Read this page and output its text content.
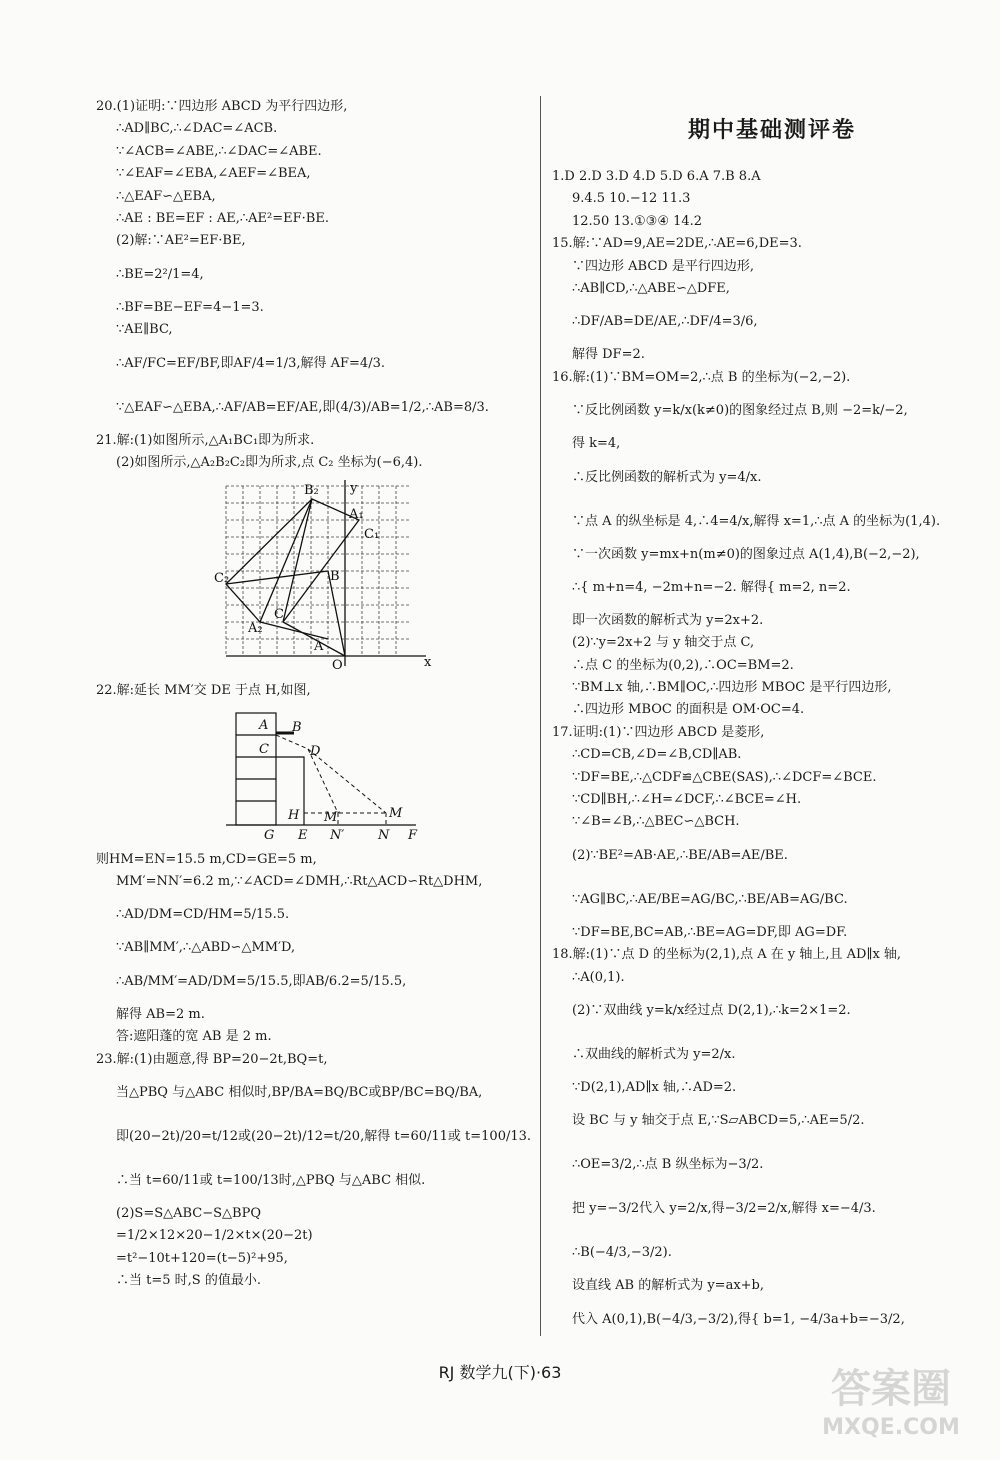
20.(1)证明:∵四边形 ABCD 为平行四边形,
∴AD∥BC,∴∠DAC=∠ACB.
∵∠ACB=∠ABE,∴∠DAC=∠ABE.
∵∠EAF=∠EBA,∠AEF=∠BEA,
∴△EAF∽△EBA,
∴AE : BE=EF : AE,∴AE²=EF·BE.
(2)解:∵AE²=EF·BE,
∴BE=2²/1=4,
∴BF=BE−EF=4−1=3.
∵AE∥BC,
∴AF/FC=EF/BF,即AF/4=1/3,解得 AF=4/3.
∵△EAF∽△EBA,∴AF/AB=EF/AE,即(4/3)/AB=1/2,∴AB=8/3.
21.解:(1)如图所示,△A₁BC₁即为所求.
(2)如图所示,△A₂B₂C₂即为所求,点 C₂ 坐标为(−6,4).
y
x
O
B₂
A₁
C₁
C₂	B
C
A₂
A
22.解:延长 MM′交 DE 于点 H,如图,
A B
C	D
H M′	M
G E N′	N F
则HM=EN=15.5 m,CD=GE=5 m,
MM′=NN′=6.2 m,∵∠ACD=∠DMH,∴Rt△ACD∽Rt△DHM,
∴AD/DM=CD/HM=5/15.5.
∵AB∥MM′,∴△ABD∽△MM′D,
∴AB/MM′=AD/DM=5/15.5,即AB/6.2=5/15.5,
解得 AB=2 m.
答:遮阳蓬的宽 AB 是 2 m.
23.解:(1)由题意,得 BP=20−2t,BQ=t,
当△PBQ 与△ABC 相似时,BP/BA=BQ/BC或BP/BC=BQ/BA,
即(20−2t)/20=t/12或(20−2t)/12=t/20,解得 t=60/11或 t=100/13.
∴当 t=60/11或 t=100/13时,△PBQ 与△ABC 相似.
(2)S=S△ABC−S△BPQ
=1/2×12×20−1/2×t×(20−2t)
=t²−10t+120=(t−5)²+95,
∴当 t=5 时,S 的值最小.
期中基础测评卷
1.D 2.D 3.D 4.D 5.D 6.A 7.B 8.A
9.4.5 10.−12 11.3
12.50 13.①③④ 14.2
15.解:∵AD=9,AE=2DE,∴AE=6,DE=3.
∵四边形 ABCD 是平行四边形,
∴AB∥CD,∴△ABE∽△DFE,
∴DF/AB=DE/AE,∴DF/4=3/6,
解得 DF=2.
16.解:(1)∵BM=OM=2,∴点 B 的坐标为(−2,−2).
∵反比例函数 y=k/x(k≠0)的图象经过点 B,则 −2=k/−2,
得 k=4,
∴反比例函数的解析式为 y=4/x.
∵点 A 的纵坐标是 4,∴4=4/x,解得 x=1,∴点 A 的坐标为(1,4).
∵一次函数 y=mx+n(m≠0)的图象过点 A(1,4),B(−2,−2),
∴{ m+n=4, −2m+n=−2. 解得{ m=2, n=2.
即一次函数的解析式为 y=2x+2.
(2)∵y=2x+2 与 y 轴交于点 C,
∴点 C 的坐标为(0,2),∴OC=BM=2.
∵BM⊥x 轴,∴BM∥OC,∴四边形 MBOC 是平行四边形,
∴四边形 MBOC 的面积是 OM·OC=4.
17.证明:(1)∵四边形 ABCD 是菱形,
∴CD=CB,∠D=∠B,CD∥AB.
∵DF=BE,∴△CDF≌△CBE(SAS),∴∠DCF=∠BCE.
∵CD∥BH,∴∠H=∠DCF,∴∠BCE=∠H.
∵∠B=∠B,∴△BEC∽△BCH.
(2)∵BE²=AB·AE,∴BE/AB=AE/BE.
∵AG∥BC,∴AE/BE=AG/BC,∴BE/AB=AG/BC.
∵DF=BE,BC=AB,∴BE=AG=DF,即 AG=DF.
18.解:(1)∵点 D 的坐标为(2,1),点 A 在 y 轴上,且 AD∥x 轴,
∴A(0,1).
(2)∵双曲线 y=k/x经过点 D(2,1),∴k=2×1=2.
∴双曲线的解析式为 y=2/x.
∵D(2,1),AD∥x 轴,∴AD=2.
设 BC 与 y 轴交于点 E,∵S▱ABCD=5,∴AE=5/2.
∴OE=3/2,∴点 B 纵坐标为−3/2.
把 y=−3/2代入 y=2/x,得−3/2=2/x,解得 x=−4/3.
∴B(−4/3,−3/2).
设直线 AB 的解析式为 y=ax+b,
代入 A(0,1),B(−4/3,−3/2),得{ b=1, −4/3a+b=−3/2,
RJ 数学九(下)·63	答案圈
MXQE.COM
